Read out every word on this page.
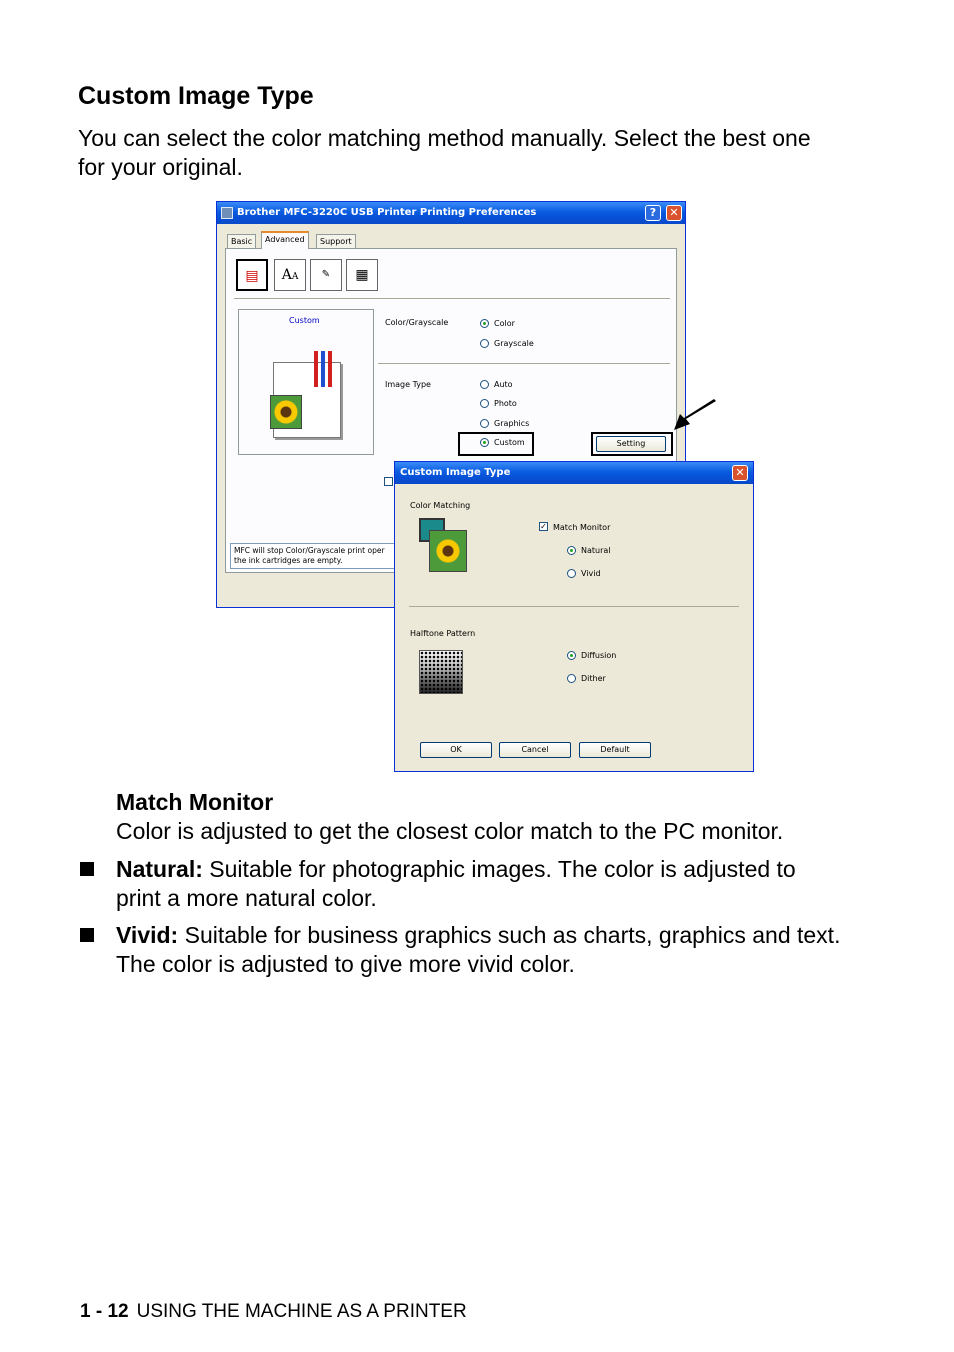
Custom Image Type

You can select the color matching method manually. Select the best one for your original.

Brother MFC-3220C USB Printer Printing Preferences	?	✕
Basic	Advanced	Support
▤	AA	✎	▦
Custom	Color/Grayscale	Color
Grayscale
Image Type	Auto
Photo
Graphics
Custom	Setting
MFC will stop Color/Grayscale print oper
the ink cartridges are empty.
Custom Image Type	✕
Color Matching
✓ Match Monitor
Natural
Vivid
Halftone Pattern
Diffusion
Dither
OK	Cancel	Default

Match Monitor

Color is adjusted to get the closest color match to the PC monitor.

Natural: Suitable for photographic images. The color is adjusted to print a more natural color.

Vivid: Suitable for business graphics such as charts, graphics and text. The color is adjusted to give more vivid color.

1 - 12 USING THE MACHINE AS A PRINTER
